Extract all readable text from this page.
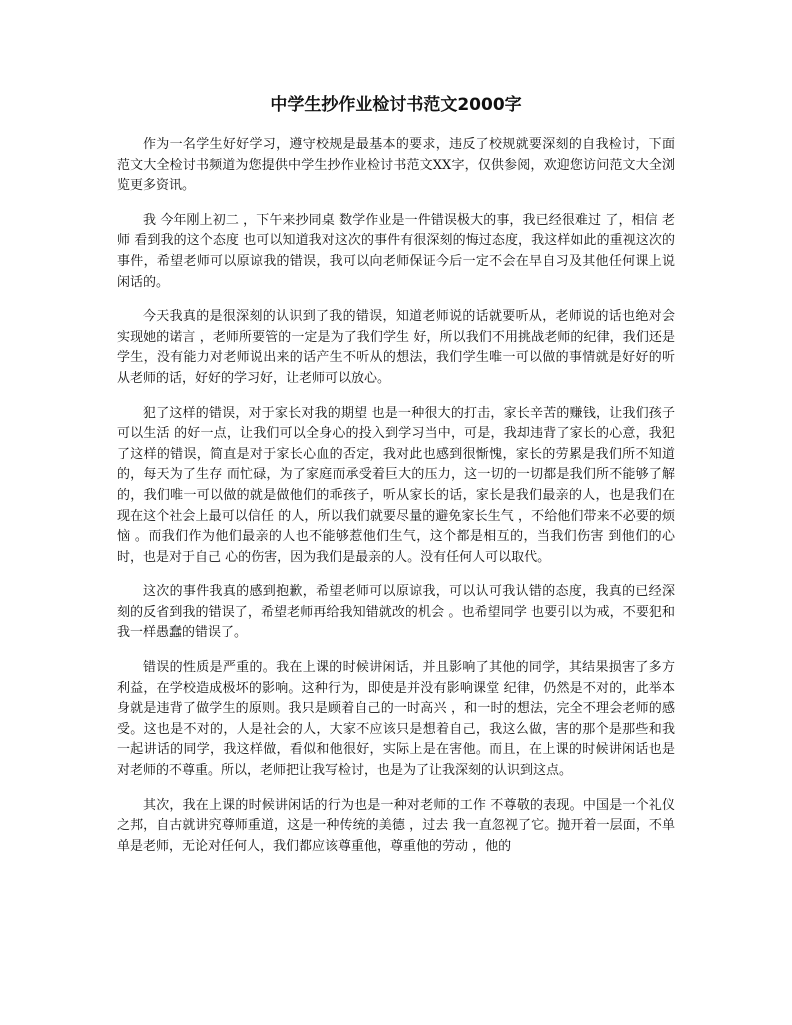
中学生抄作业检讨书范文2000字

作为一名学生好好学习，遵守校规是最基本的要求，违反了校规就要深刻的自我检讨，下面范文大全检讨书频道为您提供中学生抄作业检讨书范文XX字，仅供参阅，欢迎您访问范文大全浏览更多资讯。

我 今年刚上初二 ，下午来抄同桌 数学作业是一件错误极大的事，我已经很难过 了，相信 老师 看到我的这个态度 也可以知道我对这次的事件有很深刻的悔过态度，我这样如此的重视这次的事件，希望老师可以原谅我的错误，我可以向老师保证今后一定不会在早自习及其他任何课上说闲话的。

今天我真的是很深刻的认识到了我的错误，知道老师说的话就要听从，老师说的话也绝对会实现她的诺言 ，老师所要管的一定是为了我们学生 好，所以我们不用挑战老师的纪律，我们还是学生，没有能力对老师说出来的话产生不听从的想法，我们学生唯一可以做的事情就是好好的听从老师的话，好好的学习好，让老师可以放心。

犯了这样的错误，对于家长对我的期望 也是一种很大的打击，家长辛苦的赚钱，让我们孩子 可以生活 的好一点，让我们可以全身心的投入到学习当中，可是，我却违背了家长的心意，我犯了这样的错误，简直是对于家长心血的否定，我对此也感到很惭愧，家长的劳累是我们所不知道的，每天为了生存 而忙碌，为了家庭而承受着巨大的压力，这一切的一切都是我们所不能够了解的，我们唯一可以做的就是做他们的乖孩子，听从家长的话，家长是我们最亲的人，也是我们在现在这个社会上最可以信任 的人，所以我们就要尽量的避免家长生气 ，不给他们带来不必要的烦恼 。而我们作为他们最亲的人也不能够惹他们生气，这个都是相互的，当我们伤害 到他们的心时，也是对于自己 心的伤害，因为我们是最亲的人。没有任何人可以取代。

这次的事件我真的感到抱歉，希望老师可以原谅我，可以认可我认错的态度，我真的已经深刻的反省到我的错误了，希望老师再给我知错就改的机会 。也希望同学 也要引以为戒，不要犯和我一样愚蠢的错误了。

错误的性质是严重的。我在上课的时候讲闲话，并且影响了其他的同学，其结果损害了多方利益，在学校造成极坏的影响。这种行为，即使是并没有影响课堂 纪律，仍然是不对的，此举本身就是违背了做学生的原则。我只是顾着自己的一时高兴 ，和一时的想法，完全不理会老师的感受。这也是不对的，人是社会的人，大家不应该只是想着自己，我这么做，害的那个是那些和我一起讲话的同学，我这样做，看似和他很好，实际上是在害他。而且，在上课的时候讲闲话也是对老师的不尊重。所以，老师把让我写检讨，也是为了让我深刻的认识到这点。

其次，我在上课的时候讲闲话的行为也是一种对老师的工作 不尊敬的表现。中国是一个礼仪之邦，自古就讲究尊师重道，这是一种传统的美德 ，过去 我一直忽视了它。抛开着一层面，不单单是老师，无论对任何人，我们都应该尊重他，尊重他的劳动 ，他的
